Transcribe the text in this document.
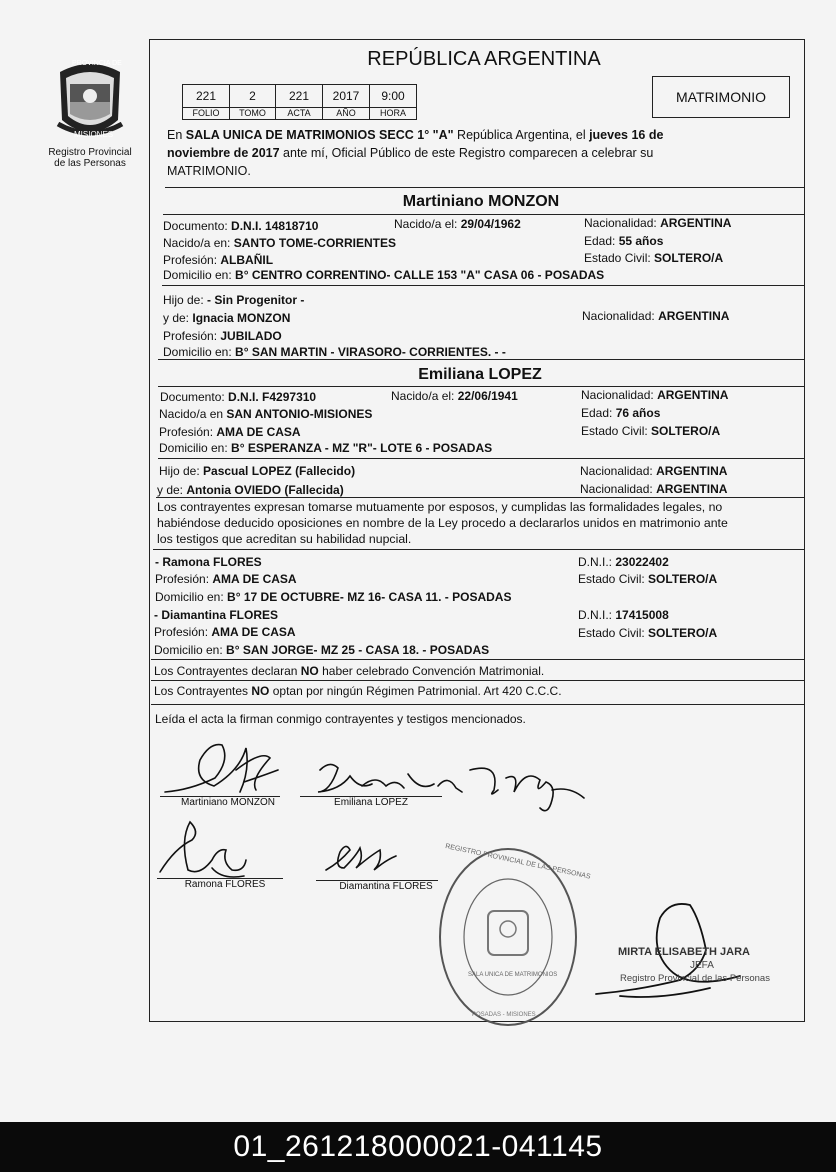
PROVINCIA DE
MISIONES
Registro Provincial
de las Personas
REPÚBLICA ARGENTINA
221	2	221	2017	9:00
FOLIO	TOMO	ACTA	AÑO	HORA
MATRIMONIO
En SALA UNICA DE MATRIMONIOS SECC 1° "A" República Argentina, el jueves 16 de
noviembre de 2017 ante mí, Oficial Público de este Registro comparecen a celebrar su
MATRIMONIO.
Martiniano MONZON
Documento: D.N.I. 14818710	Nacido/a el: 29/04/1962	Nacionalidad: ARGENTINA
Nacido/a en: SANTO TOME-CORRIENTES	Edad: 55 años
Profesión: ALBAÑIL	Estado Civil: SOLTERO/A
Domicilio en: B° CENTRO CORRENTINO- CALLE 153 "A" CASA 06 - POSADAS
Hijo de: - Sin Progenitor -
y de: Ignacia MONZON	Nacionalidad: ARGENTINA
Profesión: JUBILADO
Domicilio en: B° SAN MARTIN - VIRASORO- CORRIENTES. - -
Emiliana LOPEZ
Documento: D.N.I. F4297310	Nacido/a el: 22/06/1941	Nacionalidad: ARGENTINA
Nacido/a en SAN ANTONIO-MISIONES	Edad: 76 años
Profesión: AMA DE CASA	Estado Civil: SOLTERO/A
Domicilio en: B° ESPERANZA - MZ "R"- LOTE 6 - POSADAS
Hijo de: Pascual LOPEZ (Fallecido)	Nacionalidad: ARGENTINA
y de: Antonia OVIEDO (Fallecida)	Nacionalidad: ARGENTINA
Los contrayentes expresan tomarse mutuamente por esposos, y cumplidas las formalidades legales, no
habiéndose deducido oposiciones en nombre de la Ley procedo a declararlos unidos en matrimonio ante
los testigos que acreditan su habilidad nupcial.
- Ramona FLORES	D.N.I.: 23022402
Profesión: AMA DE CASA	Estado Civil: SOLTERO/A
Domicilio en: B° 17 DE OCTUBRE- MZ 16- CASA 11. - POSADAS
- Diamantina FLORES	D.N.I.: 17415008
Profesión: AMA DE CASA	Estado Civil: SOLTERO/A
Domicilio en: B° SAN JORGE- MZ 25 - CASA 18. - POSADAS
Los Contrayentes declaran NO haber celebrado Convención Matrimonial.
Los Contrayentes NO optan por ningún Régimen Patrimonial. Art 420 C.C.C.
Leída el acta la firman conmigo contrayentes y testigos mencionados.
Martiniano MONZON	Emiliana LOPEZ
Ramona FLORES	Diamantina FLORES
REGISTRO PROVINCIAL DE LAS PERSONAS
SALA UNICA DE MATRIMONIOS
POSADAS - MISIONES
MIRTA ELISABETH JARA
JEFA
Registro Provincial de las Personas
01_261218000021-041145
